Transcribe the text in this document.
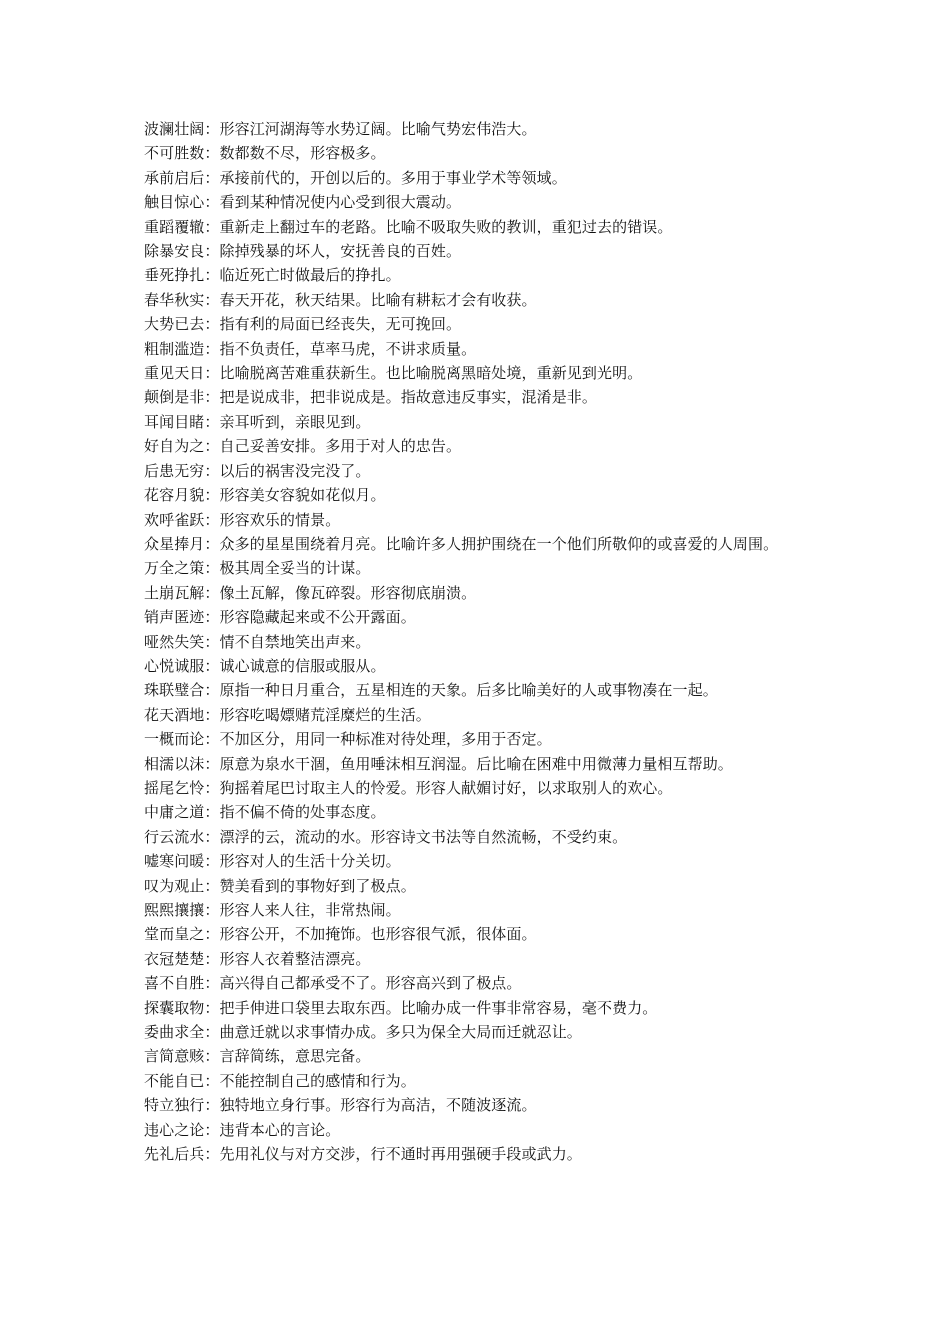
波澜壮阔：形容江河湖海等水势辽阔。比喻气势宏伟浩大。

不可胜数：数都数不尽，形容极多。

承前启后：承接前代的，开创以后的。多用于事业学术等领域。

触目惊心：看到某种情况使内心受到很大震动。

重蹈覆辙：重新走上翻过车的老路。比喻不吸取失败的教训，重犯过去的错误。

除暴安良：除掉残暴的坏人，安抚善良的百姓。

垂死挣扎：临近死亡时做最后的挣扎。

春华秋实：春天开花，秋天结果。比喻有耕耘才会有收获。

大势已去：指有利的局面已经丧失，无可挽回。

粗制滥造：指不负责任，草率马虎，不讲求质量。

重见天日：比喻脱离苦难重获新生。也比喻脱离黑暗处境，重新见到光明。

颠倒是非：把是说成非，把非说成是。指故意违反事实，混淆是非。

耳闻目睹：亲耳听到，亲眼见到。

好自为之：自己妥善安排。多用于对人的忠告。

后患无穷：以后的祸害没完没了。

花容月貌：形容美女容貌如花似月。

欢呼雀跃：形容欢乐的情景。

众星捧月：众多的星星围绕着月亮。比喻许多人拥护围绕在一个他们所敬仰的或喜爱的人周围。

万全之策：极其周全妥当的计谋。

土崩瓦解：像土瓦解，像瓦碎裂。形容彻底崩溃。

销声匿迹：形容隐藏起来或不公开露面。

哑然失笑：情不自禁地笑出声来。

心悦诚服：诚心诚意的信服或服从。

珠联璧合：原指一种日月重合，五星相连的天象。后多比喻美好的人或事物凑在一起。

花天酒地：形容吃喝嫖赌荒淫糜烂的生活。

一概而论：不加区分，用同一种标准对待处理，多用于否定。

相濡以沫：原意为泉水干涸，鱼用唾沫相互润湿。后比喻在困难中用微薄力量相互帮助。

摇尾乞怜：狗摇着尾巴讨取主人的怜爱。形容人献媚讨好，以求取别人的欢心。

中庸之道：指不偏不倚的处事态度。

行云流水：漂浮的云，流动的水。形容诗文书法等自然流畅，不受约束。

嘘寒问暖：形容对人的生活十分关切。

叹为观止：赞美看到的事物好到了极点。

熙熙攘攘：形容人来人往，非常热闹。

堂而皇之：形容公开，不加掩饰。也形容很气派，很体面。

衣冠楚楚：形容人衣着整洁漂亮。

喜不自胜：高兴得自己都承受不了。形容高兴到了极点。

探囊取物：把手伸进口袋里去取东西。比喻办成一件事非常容易，毫不费力。

委曲求全：曲意迁就以求事情办成。多只为保全大局而迁就忍让。

言简意赅：言辞简练，意思完备。

不能自已：不能控制自己的感情和行为。

特立独行：独特地立身行事。形容行为高洁，不随波逐流。

违心之论：违背本心的言论。

先礼后兵：先用礼仪与对方交涉，行不通时再用强硬手段或武力。
